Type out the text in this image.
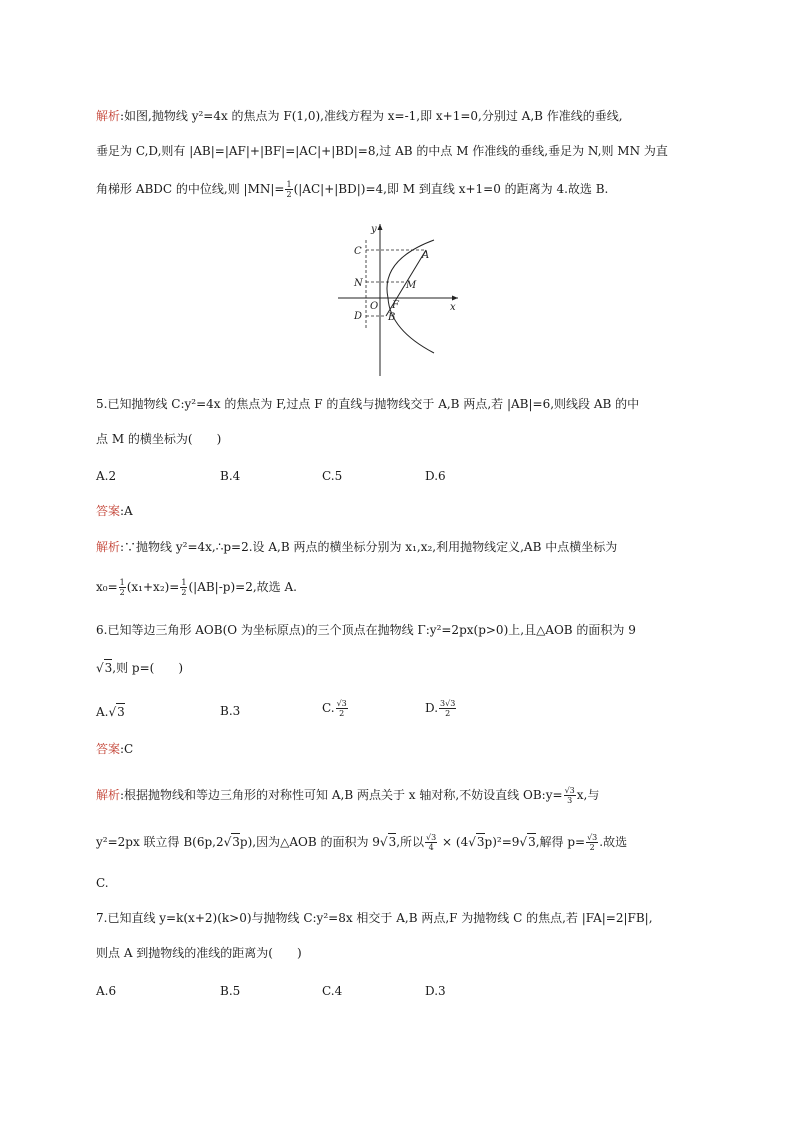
解析:如图,抛物线 y²=4x 的焦点为 F(1,0),准线方程为 x=-1,即 x+1=0,分别过 A,B 作准线的垂线,
垂足为 C,D,则有 |AB|=|AF|+|BF|=|AC|+|BD|=8,过 AB 的中点 M 作准线的垂线,垂足为 N,则 MN 为直
角梯形 ABDC 的中位线,则 $|MN|= \frac{1}{2} (|AC|+|BD|)=4$,即 M 到直线 x+1=0 的距离为 4.故选 B.
y
x
C	A
N	M
O F
D	B
5.已知抛物线 C:y²=4x 的焦点为 F,过点 F 的直线与抛物线交于 A,B 两点,若 |AB|=6,则线段 AB 的中
点 M 的横坐标为(　　)
A.2	B.4	C.5	D.6
答案:A
解析:∵抛物线 y²=4x,∴p=2.设 A,B 两点的横坐标分别为 x₁,x₂,利用抛物线定义,AB 中点横坐标为
$x_0= \frac{1}{2} (x_1+x_2)= \frac{1}{2} (|AB|-p)=2$,故选 A.
6.已知等边三角形 AOB(O 为坐标原点)的三个顶点在抛物线 Γ:y²=2px(p>0)上,且△AOB 的面积为 9
√3,则 p=(　　)
A.√3	B.3	C. $\frac{√3}{2}$	D. $\frac{3√3}{2}$
答案:C
解析:根据抛物线和等边三角形的对称性可知 A,B 两点关于 x 轴对称,不妨设直线 OB:y= $\frac{√3}{3} x$,与
y²=2px 联立得 B(6p,2√3p),因为△AOB 的面积为 9√3,所以 $\frac{√3}{4} \times (4√3p)^2=9√3$,解得 $p= \frac{√3}{2}$ .故选
C.
7.已知直线 y=k(x+2)(k>0)与抛物线 C:y²=8x 相交于 A,B 两点,F 为抛物线 C 的焦点,若 |FA|=2|FB|,
则点 A 到抛物线的准线的距离为(　　)
A.6	B.5	C.4	D.3
